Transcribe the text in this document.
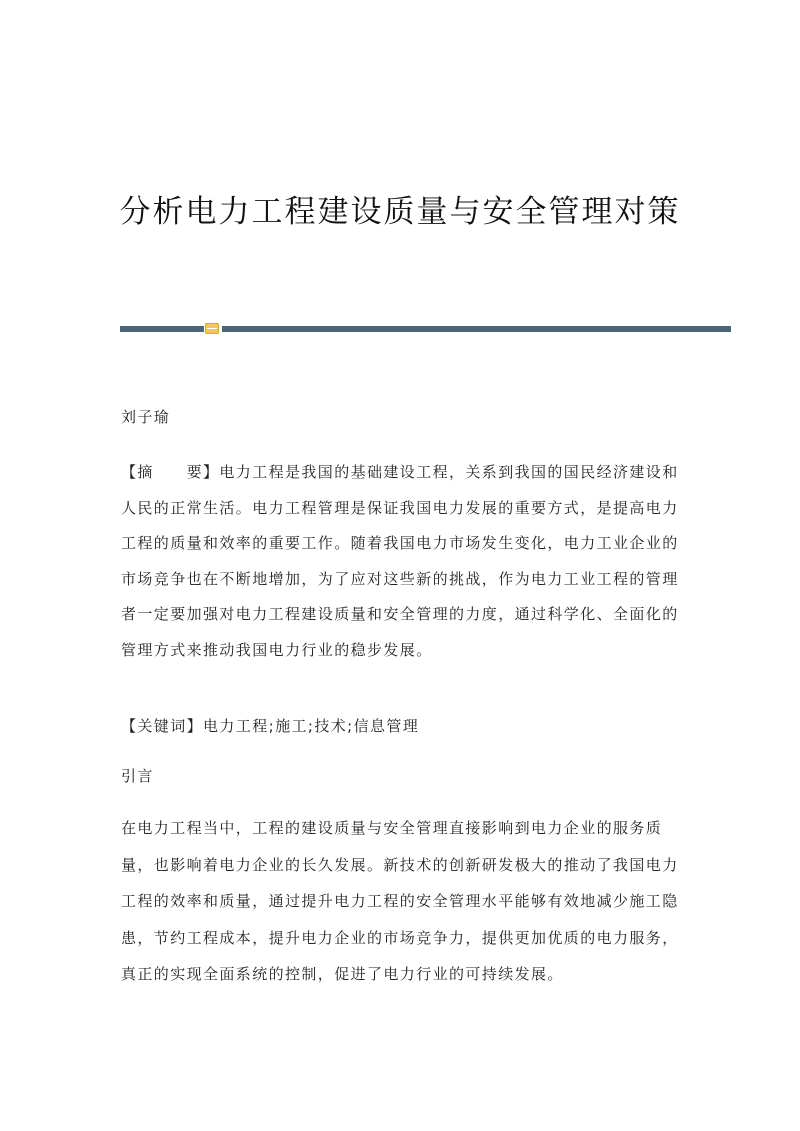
分析电力工程建设质量与安全管理对策
刘子瑜
【摘　　要】电力工程是我国的基础建设工程，关系到我国的国民经济建设和人民的正常生活。电力工程管理是保证我国电力发展的重要方式，是提高电力工程的质量和效率的重要工作。随着我国电力市场发生变化，电力工业企业的市场竞争也在不断地增加，为了应对这些新的挑战，作为电力工业工程的管理者一定要加强对电力工程建设质量和安全管理的力度，通过科学化、全面化的管理方式来推动我国电力行业的稳步发展。
【关键词】电力工程;施工;技术;信息管理
引言
在电力工程当中，工程的建设质量与安全管理直接影响到电力企业的服务质量，也影响着电力企业的长久发展。新技术的创新研发极大的推动了我国电力工程的效率和质量，通过提升电力工程的安全管理水平能够有效地减少施工隐患，节约工程成本，提升电力企业的市场竞争力，提供更加优质的电力服务，真正的实现全面系统的控制，促进了电力行业的可持续发展。
